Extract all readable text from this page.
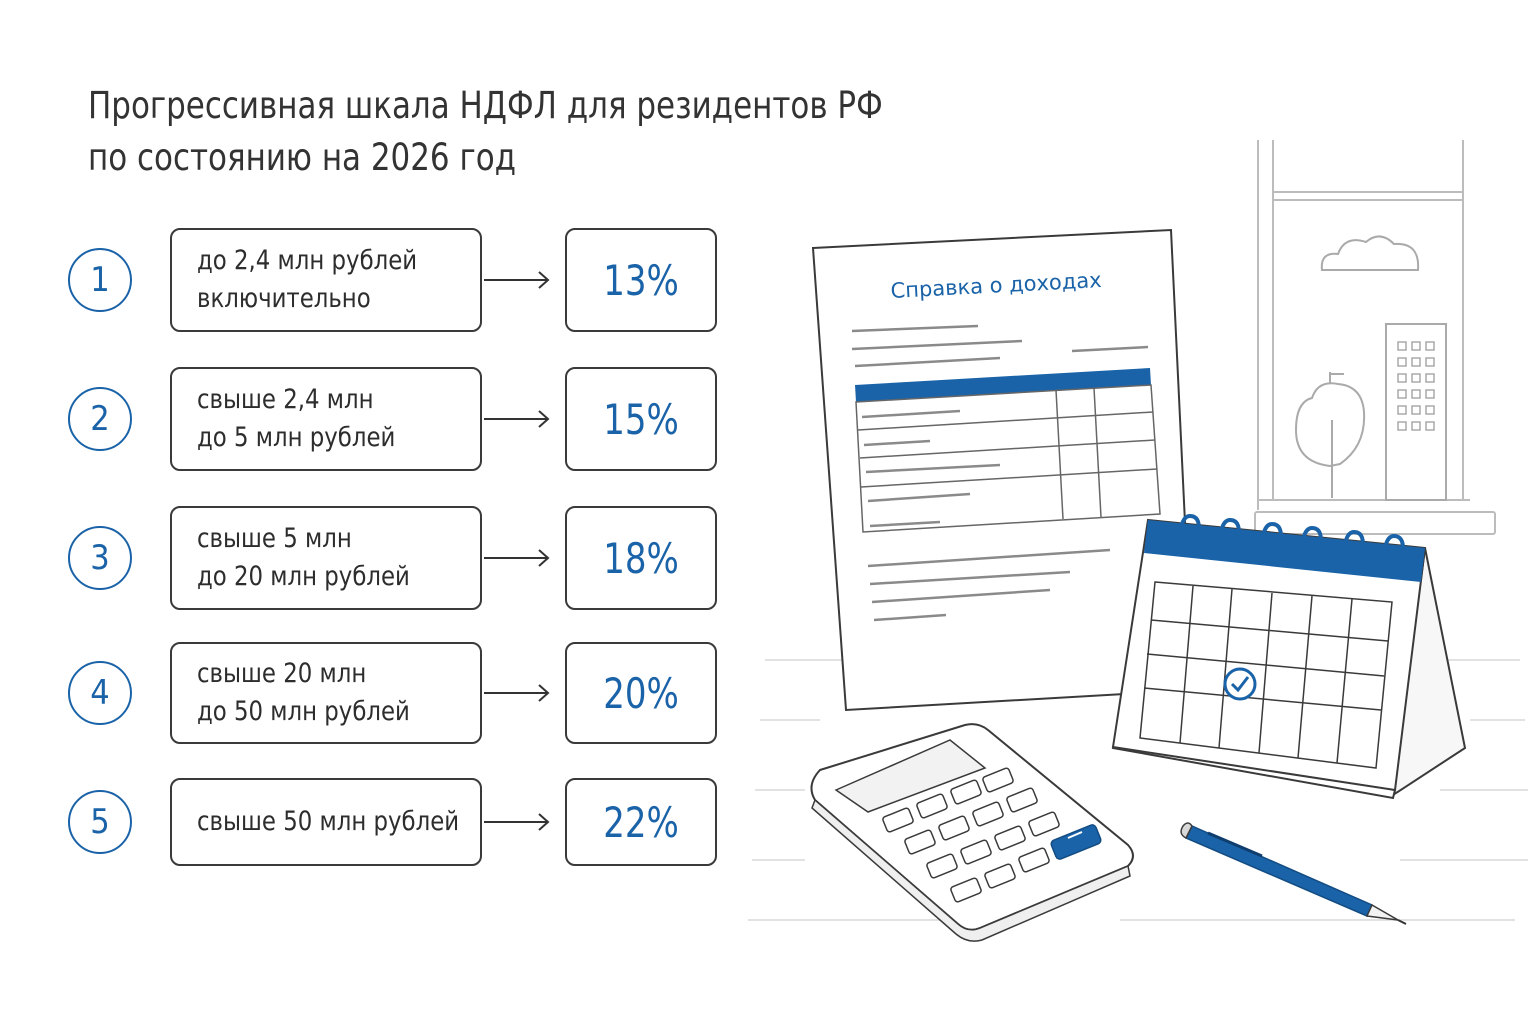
Прогрессивная шкала НДФЛ для резидентов РФ
по состоянию на 2026 год
1	до 2,4 млн рублей
включительно	13%
2	свыше 2,4 млн
до 5 млн рублей	15%
3	свыше 5 млн
до 20 млн рублей	18%
4	свыше 20 млн
до 50 млн рублей	20%
5	свыше 50 млн рублей	22%
Справка о доходах
